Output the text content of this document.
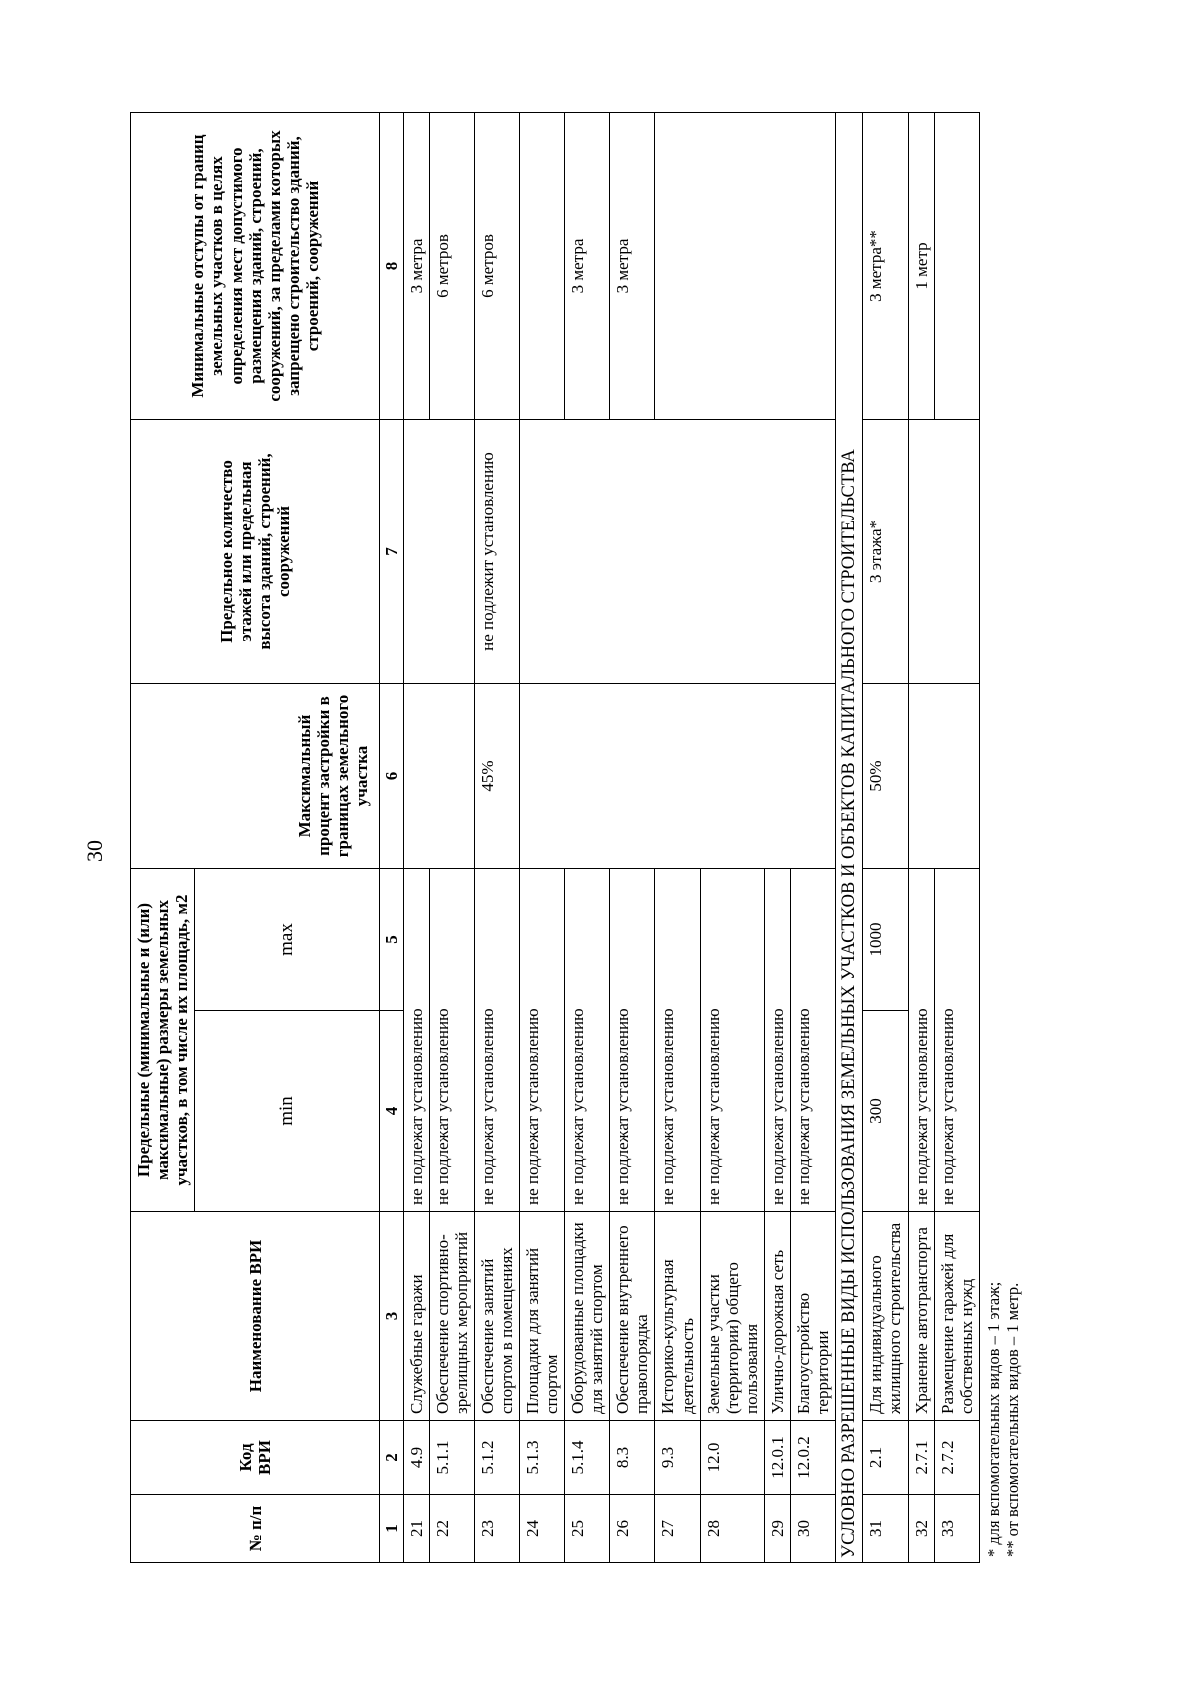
30
№ п/п	Код ВРИ	Наименование ВРИ	Предельные (минимальные и (или) максимальные) размеры земельных участков, в том числе их площадь, м2		Максимальный процент застройки в границах земельного участка	Предельное количество этажей или предельная высота зданий, строений, сооружений	Минимальные отступы от границ земельных участков в целях определения мест допустимого размещения зданий, строений, сооружений, за пределами которых запрещено строительство зданий, строений, сооружений
			min	max			
1	2	3	4	5	6	7	8
21	4.9	Служебные гаражи	не подлежат установлению				3 метра
22	5.1.1	Обеспечение спортивно-зрелищных мероприятий	не подлежат установлению				6 метров
23	5.1.2	Обеспечение занятий спортом в помещениях	не подлежат установлению		45%	не подлежит установлению	6 метров
24	5.1.3	Площадки для занятий спортом	не подлежат установлению				
25	5.1.4	Оборудованные площадки для занятий спортом	не подлежат установлению				3 метра
26	8.3	Обеспечение внутреннего правопорядка	не подлежат установлению				3 метра
27	9.3	Историко-культурная деятельность	не подлежат установлению				
28	12.0	Земельные участки (территории) общего пользования	не подлежат установлению				
29	12.0.1	Улично-дорожная сеть	не подлежат установлению				
30	12.0.2	Благоустройство территории	не подлежат установлению				
УСЛОВНО РАЗРЕШЕННЫЕ ВИДЫ ИСПОЛЬЗОВАНИЯ ЗЕМЕЛЬНЫХ УЧАСТКОВ И ОБЪЕКТОВ КАПИТАЛЬНОГО СТРОИТЕЛЬСТВА							
31	2.1	Для индивидуального жилищного строительства	300	1000	50%	3 этажа*	3 метра**
32	2.7.1	Хранение автотранспорта	не подлежат установлению				1 метр
33	2.7.2	Размещение гаражей для собственных нужд	не подлежат установлению				
* для вспомогательных видов – 1 этаж; ** от вспомогательных видов – 1 метр.
